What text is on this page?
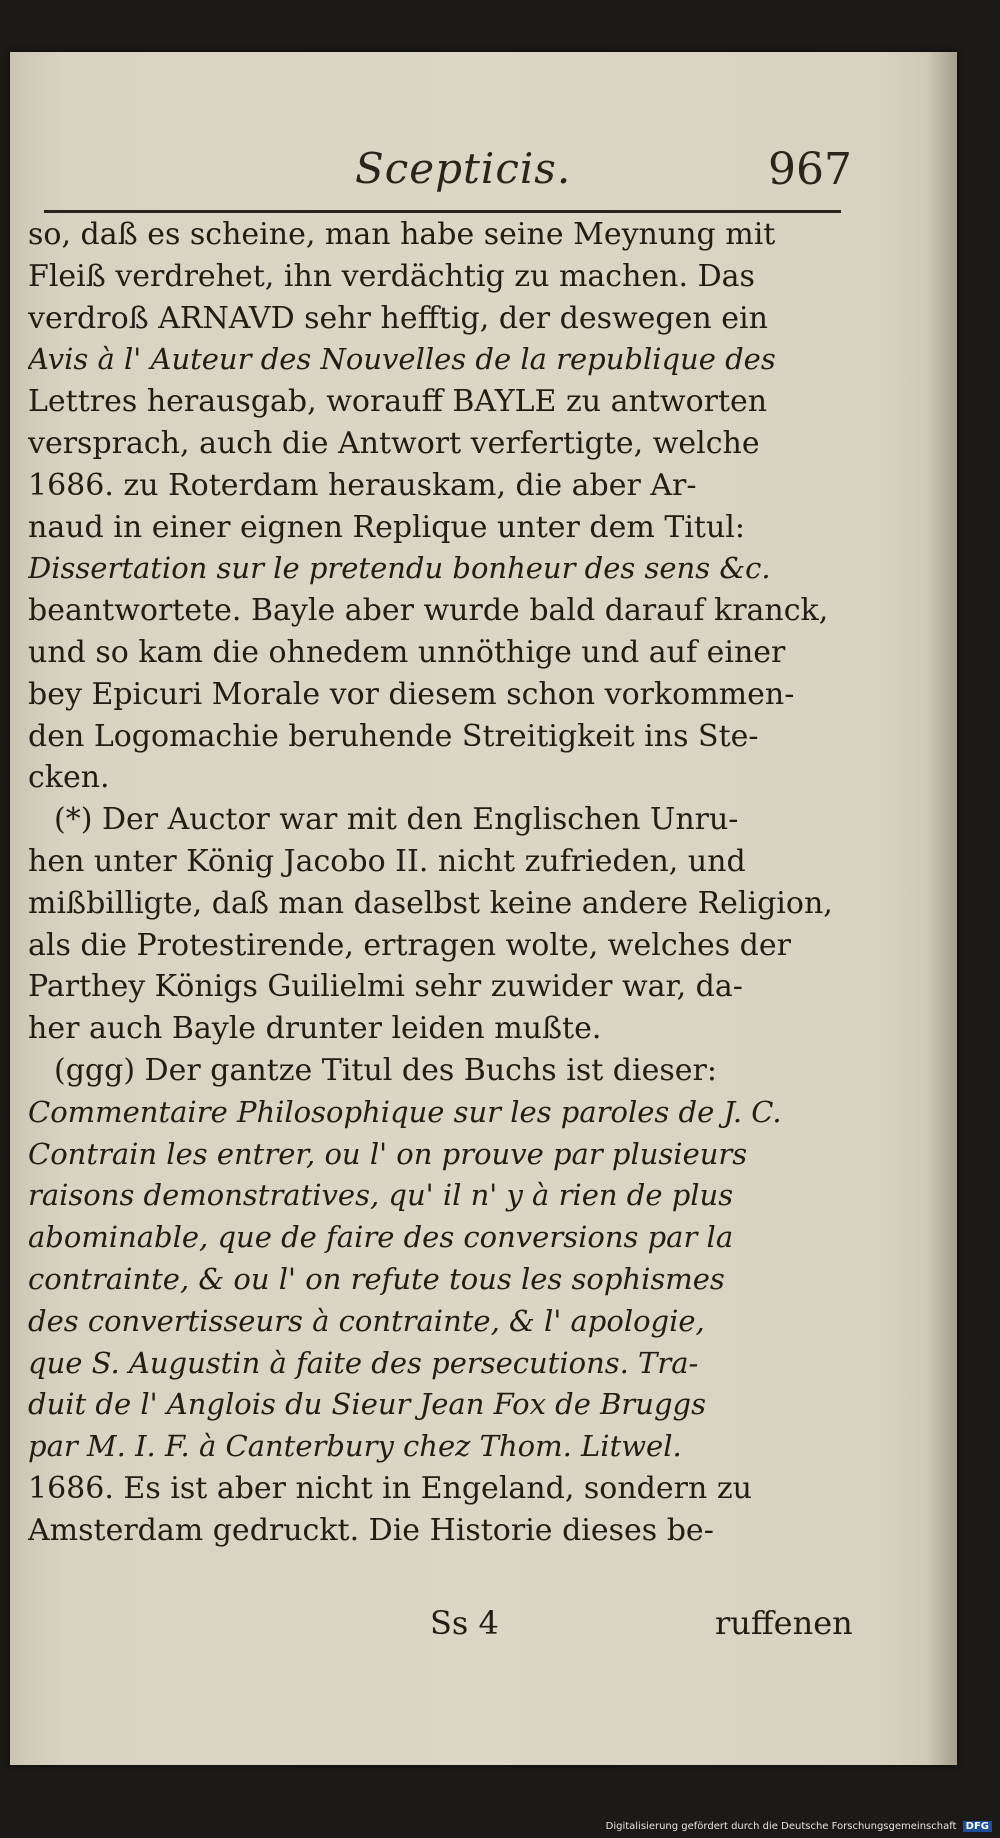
Scepticis.	967
so, daß es scheine, man habe seine Meynung mit
Fleiß verdrehet, ihn verdächtig zu machen. Das
verdroß ARNAVD sehr hefftig, der deswegen ein
Avis à l' Auteur des Nouvelles de la republique des
Lettres herausgab, worauff BAYLE zu antworten
versprach, auch die Antwort verfertigte, welche
1686. zu Roterdam herauskam, die aber Ar-
naud in einer eignen Replique unter dem Titul:
Dissertation sur le pretendu bonheur des sens &c.
beantwortete. Bayle aber wurde bald darauf kranck,
und so kam die ohnedem unnöthige und auf einer
bey Epicuri Morale vor diesem schon vorkommen-
den Logomachie beruhende Streitigkeit ins Ste-
cken.
(*) Der Auctor war mit den Englischen Unru-
hen unter König Jacobo II. nicht zufrieden, und
mißbilligte, daß man daselbst keine andere Religion,
als die Protestirende, ertragen wolte, welches der
Parthey Königs Guilielmi sehr zuwider war, da-
her auch Bayle drunter leiden mußte.
(ggg) Der gantze Titul des Buchs ist dieser:
Commentaire Philosophique sur les paroles de J. C.
Contrain les entrer, ou l' on prouve par plusieurs
raisons demonstratives, qu' il n' y à rien de plus
abominable, que de faire des conversions par la
contrainte, & ou l' on refute tous les sophismes
des convertisseurs à contrainte, & l' apologie,
que S. Augustin à faite des persecutions. Tra-
duit de l' Anglois du Sieur Jean Fox de Bruggs
par M. I. F. à Canterbury chez Thom. Litwel.
1686. Es ist aber nicht in Engeland, sondern zu
Amsterdam gedruckt. Die Historie dieses be-
Ss 4	ruffenen
Digitalisierung gefördert durch die Deutsche Forschungsgemeinschaft DFG
